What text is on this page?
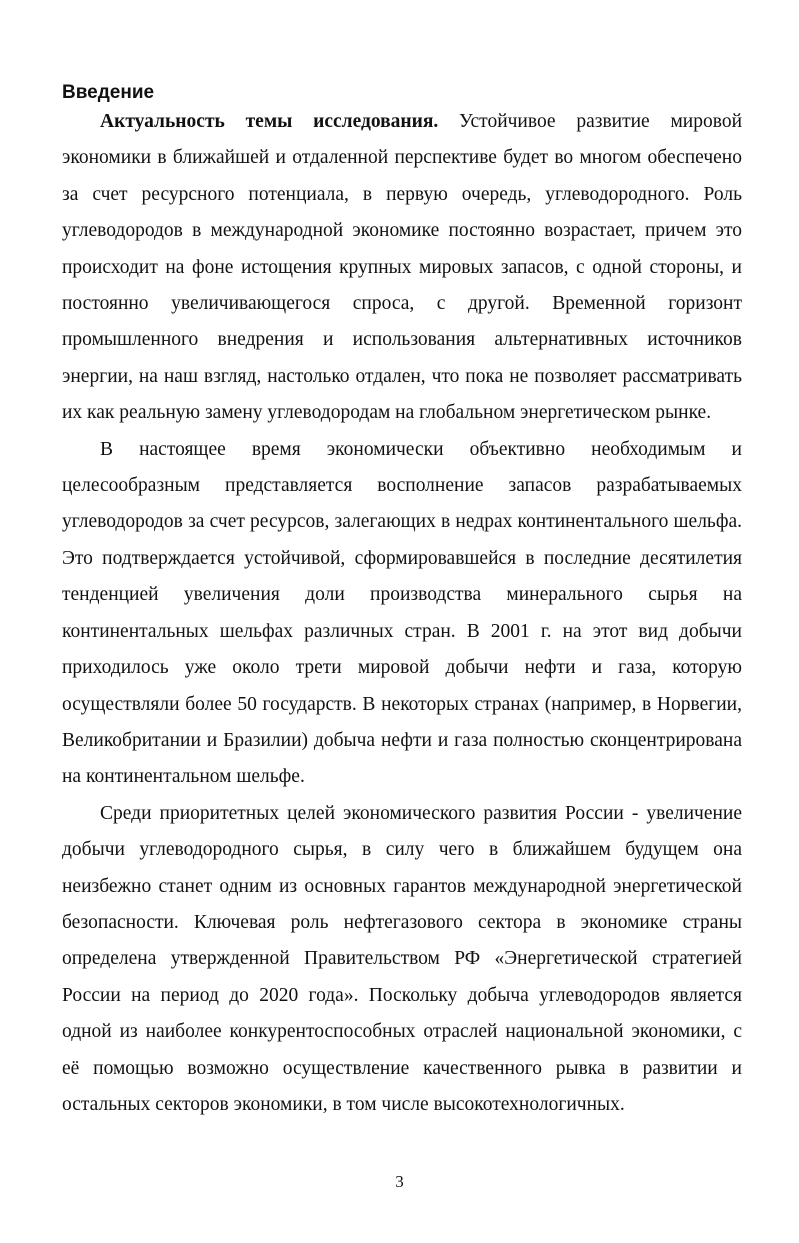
Введение

Актуальность темы исследования. Устойчивое развитие мировой экономики в ближайшей и отдаленной перспективе будет во многом обеспечено за счет ресурсного потенциала, в первую очередь, углеводородного. Роль углеводородов в международной экономике постоянно возрастает, причем это происходит на фоне истощения крупных мировых запасов, с одной стороны, и постоянно увеличивающегося спроса, с другой. Временной горизонт промышленного внедрения и использования альтернативных источников энергии, на наш взгляд, настолько отдален, что пока не позволяет рассматривать их как реальную замену углеводородам на глобальном энергетическом рынке.

В настоящее время экономически объективно необходимым и целесообразным представляется восполнение запасов разрабатываемых углеводородов за счет ресурсов, залегающих в недрах континентального шельфа. Это подтверждается устойчивой, сформировавшейся в последние десятилетия тенденцией увеличения доли производства минерального сырья на континентальных шельфах различных стран. В 2001 г. на этот вид добычи приходилось уже около трети мировой добычи нефти и газа, которую осуществляли более 50 государств. В некоторых странах (например, в Норвегии, Великобритании и Бразилии) добыча нефти и газа полностью сконцентрирована на континентальном шельфе.

Среди приоритетных целей экономического развития России - увеличение добычи углеводородного сырья, в силу чего в ближайшем будущем она неизбежно станет одним из основных гарантов международной энергетической безопасности. Ключевая роль нефтегазового сектора в экономике страны определена утвержденной Правительством РФ «Энергетической стратегией России на период до 2020 года». Поскольку добыча углеводородов является одной из наиболее конкурентоспособных отраслей национальной экономики, с её помощью возможно осуществление качественного рывка в развитии и остальных секторов экономики, в том числе высокотехнологичных.

3
